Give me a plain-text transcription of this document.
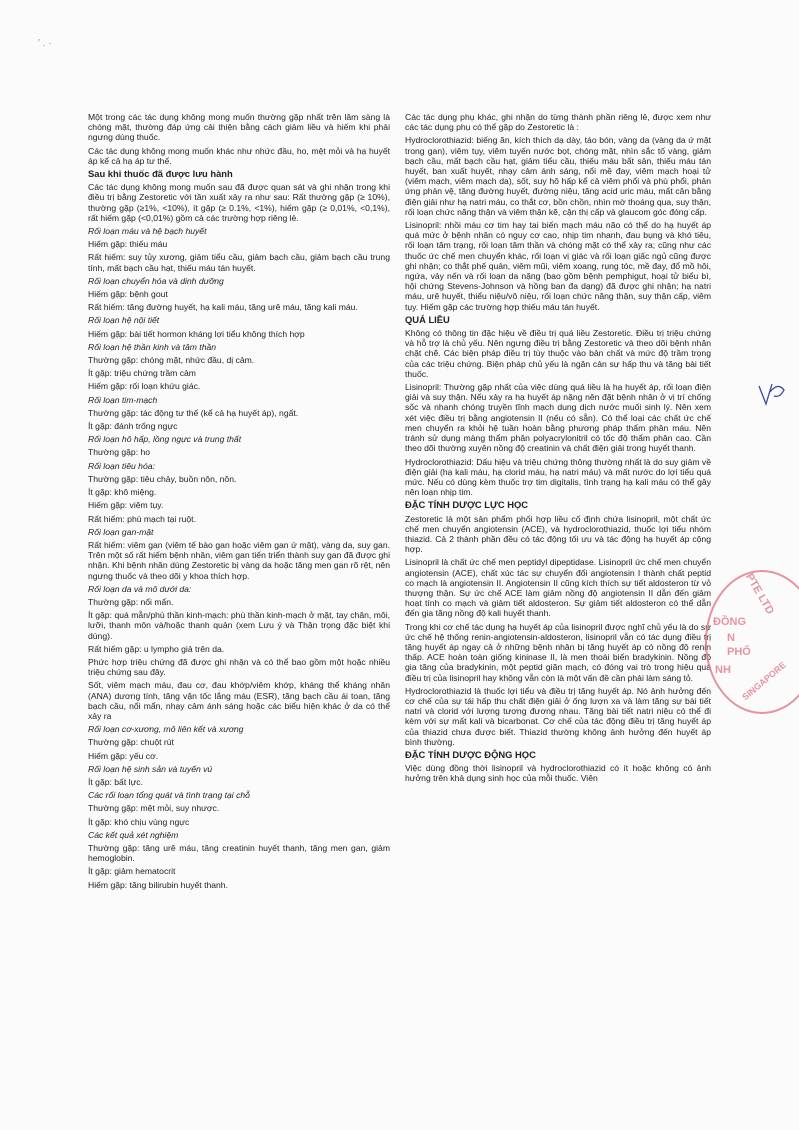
′ . ·

Một trong các tác dụng không mong muốn thường gặp nhất trên lâm sàng là chóng mặt, thường đáp ứng cải thiện bằng cách giảm liều và hiếm khi phải ngưng dùng thuốc.

Các tác dụng không mong muốn khác như nhức đầu, ho, mệt mỏi và hạ huyết áp kể cả hạ áp tư thế.

Sau khi thuốc đã được lưu hành

Các tác dụng không mong muốn sau đã được quan sát và ghi nhận trong khi điều trị bằng Zestoretic với tần xuất xảy ra như sau: Rất thường gặp (≥ 10%), thường gặp (≥1%, <10%), ít gặp (≥ 0.1%, <1%), hiếm gặp (≥ 0,01%, <0,1%), rất hiếm gặp (<0,01%) gồm cả các trường hợp riêng lẻ.

Rối loạn máu và hệ bạch huyết

Hiếm gặp: thiếu máu

Rất hiếm: suy tủy xương, giảm tiểu cầu, giảm bạch cầu, giảm bạch cầu trung tính, mất bạch cầu hạt, thiếu máu tán huyết.

Rối loạn chuyển hóa và dinh dưỡng

Hiếm gặp: bệnh gout

Rất hiếm: tăng đường huyết, hạ kali máu, tăng urê máu, tăng kali máu.

Rối loạn hệ nội tiết

Hiếm gặp: bài tiết hormon kháng lợi tiểu không thích hợp

Rối loạn hệ thần kinh và tâm thần

Thường gặp: chóng mặt, nhức đầu, dị cảm.

Ít gặp: triệu chứng trầm cảm

Hiếm gặp: rối loạn khứu giác.

Rối loạn tim-mạch

Thường gặp: tác động tư thế (kể cả hạ huyết áp), ngất.

Ít gặp: đánh trống ngực

Rối loạn hô hấp, lồng ngực và trung thất

Thường gặp: ho

Rối loạn tiêu hóa:

Thường gặp: tiêu chảy, buồn nôn, nôn.

Ít gặp: khô miệng.

Hiếm gặp: viêm tụy.

Rất hiếm: phù mạch tại ruột.

Rối loạn gan-mật

Rất hiếm: viêm gan (viêm tế bào gan hoặc viêm gan ứ mật), vàng da, suy gan. Trên một số rất hiếm bệnh nhân, viêm gan tiến triển thành suy gan đã được ghi nhận. Khi bệnh nhân dùng Zestoretic bị vàng da hoặc tăng men gan rõ rệt, nên ngưng thuốc và theo dõi y khoa thích hợp.

Rối loạn da và mô dưới da:

Thường gặp: nổi mẩn.

Ít gặp: quá mẫn/phù thần kinh-mạch: phù thần kinh-mạch ở mặt, tay chân, môi, lưỡi, thanh môn và/hoặc thanh quản (xem Lưu ý và Thận trọng đặc biệt khi dùng).

Rất hiếm gặp: u lympho giả trên da.

Phức hợp triệu chứng đã được ghi nhận và có thể bao gồm một hoặc nhiều triệu chứng sau đây.

Sốt, viêm mạch máu, đau cơ, đau khớp/viêm khớp, kháng thể kháng nhân (ANA) dương tính, tăng vận tốc lắng máu (ESR), tăng bạch cầu ái toan, tăng bạch cầu, nổi mẩn, nhạy cảm ánh sáng hoặc các biểu hiện khác ở da có thể xảy ra

Rối loạn cơ-xương, mô liên kết và xương

Thường gặp: chuột rút

Hiếm gặp: yếu cơ.

Rối loạn hệ sinh sản và tuyến vú

Ít gặp: bất lực.

Các rối loạn tổng quát và tình trạng tại chỗ

Thường gặp: mệt mỏi, suy nhược.

Ít gặp: khó chịu vùng ngực

Các kết quả xét nghiệm

Thường gặp: tăng urê máu, tăng creatinin huyết thanh, tăng men gan, giảm hemoglobin.

Ít gặp: giảm hematocrit

Hiếm gặp: tăng bilirubin huyết thanh.

Các tác dụng phụ khác, ghi nhận do từng thành phần riêng lẻ, được xem như các tác dụng phụ có thể gặp do Zestoretic là :

Hydroclorothiazid: biếng ăn, kích thích dạ dày, táo bón, vàng da (vàng da ứ mật trong gan), viêm tụy, viêm tuyến nước bọt, chóng mặt, nhìn sắc tố vàng, giảm bạch cầu, mất bạch cầu hạt, giảm tiểu cầu, thiếu máu bất sản, thiếu máu tán huyết, ban xuất huyết, nhạy cảm ánh sáng, nổi mề đay, viêm mạch hoại tử (viêm mạch, viêm mạch da), sốt, suy hô hấp kể cả viêm phổi và phù phổi, phản ứng phản vệ, tăng đường huyết, đường niệu, tăng acid uric máu, mất cân bằng điện giải như hạ natri máu, co thắt cơ, bồn chồn, nhìn mờ thoáng qua, suy thận, rối loạn chức năng thận và viêm thận kẽ, cận thị cấp và glaucom góc đóng cấp.

Lisinopril: nhồi máu cơ tim hay tai biến mạch máu não có thể do hạ huyết áp quá mức ở bệnh nhân có nguy cơ cao, nhịp tim nhanh, đau bụng và khó tiêu, rối loạn tâm trạng, rối loạn tâm thần và chóng mặt có thể xảy ra; cũng như các thuốc ức chế men chuyển khác, rối loạn vị giác và rối loạn giấc ngủ cũng được ghi nhận; co thắt phế quản, viêm mũi, viêm xoang, rụng tóc, mề đay, đổ mồ hôi, ngứa, vảy nến và rối loạn da nặng (bao gồm bệnh pemphigut, hoại tử biểu bì, hội chứng Stevens-Johnson và hồng ban đa dạng) đã được ghi nhận; hạ natri máu, urê huyết, thiểu niệu/vô niệu, rối loạn chức năng thận, suy thận cấp, viêm tụy. Hiếm gặp các trường hợp thiếu máu tán huyết.

QUÁ LIỀU

Không có thông tin đặc hiệu về điều trị quá liều Zestoretic. Điều trị triệu chứng và hỗ trợ là chủ yếu. Nên ngưng điều trị bằng Zestoretic và theo dõi bệnh nhân chặt chẽ. Các biện pháp điều trị tùy thuộc vào bản chất và mức độ trầm trọng của các triệu chứng. Biện pháp chủ yếu là ngăn cản sự hấp thu và tăng bài tiết thuốc.

Lisinopril: Thường gặp nhất của việc dùng quá liều là hạ huyết áp, rối loạn điện giải và suy thận. Nếu xảy ra hạ huyết áp nặng nên đặt bệnh nhân ở vị trí chống sốc và nhanh chóng truyền tĩnh mạch dung dịch nước muối sinh lý. Nên xem xét việc điều trị bằng angiotensin II (nếu có sẵn). Có thể loại các chất ức chế men chuyển ra khỏi hệ tuần hoàn bằng phương pháp thẩm phân máu. Nên tránh sử dụng màng thẩm phân polyacrylonitril có tốc độ thẩm phân cao. Cần theo dõi thường xuyên nồng độ creatinin và chất điện giải trong huyết thanh.

Hydroclorothiazid: Dấu hiệu và triệu chứng thông thường nhất là do suy giảm về điện giải (hạ kali máu, hạ clorid máu, hạ natri máu) và mất nước do lợi tiểu quá mức. Nếu có dùng kèm thuốc trợ tim digitalis, tình trạng hạ kali máu có thể gây nên loạn nhịp tim.

ĐẶC TÍNH DƯỢC LỰC HỌC

Zestoretic là một sản phẩm phối hợp liều cố định chứa lisinopril, một chất ức chế men chuyển angiotensin (ACE), và hydroclorothiazid, thuốc lợi tiểu nhóm thiazid. Cả 2 thành phần đều có tác động tối ưu và tác động hạ huyết áp cộng hợp.

Lisinopril là chất ức chế men peptidyl dipeptidase. Lisinopril ức chế men chuyển angiotensin (ACE), chất xúc tác sự chuyển đổi angiotensin I thành chất peptid co mạch là angiotensin II. Angiotensin II cũng kích thích sự tiết aldosteron từ vỏ thượng thận. Sự ức chế ACE làm giảm nồng độ angiotensin II dẫn đến giảm hoạt tính co mạch và giảm tiết aldosteron. Sự giảm tiết aldosteron có thể dẫn đến gia tăng nồng độ kali huyết thanh.

Trong khi cơ chế tác dụng hạ huyết áp của lisinopril được nghĩ chủ yếu là do sự ức chế hệ thống renin-angiotensin-aldosteron, lisinopril vẫn có tác dụng điều trị tăng huyết áp ngay cả ở những bệnh nhân bị tăng huyết áp có nồng độ renin thấp. ACE hoàn toàn giống kininase II, là men thoái biến bradykinin. Nồng độ gia tăng của bradykinin, một peptid giãn mạch, có đóng vai trò trong hiệu quả điều trị của lisinopril hay không vẫn còn là một vấn đề cần phải làm sáng tỏ.

Hydroclorothiazid là thuốc lợi tiểu và điều trị tăng huyết áp. Nó ảnh hưởng đến cơ chế của sự tái hấp thu chất điện giải ở ống lượn xa và làm tăng sự bài tiết natri và clorid với lượng tương đương nhau. Tăng bài tiết natri niệu có thể đi kèm với sự mất kali và bicarbonat. Cơ chế của tác động điều trị tăng huyết áp của thiazid chưa được biết. Thiazid thường không ảnh hưởng đến huyết áp bình thường.

ĐẶC TÍNH DƯỢC ĐỘNG HỌC

Việc dùng đồng thời lisinopril và hydroclorothiazid có ít hoặc không có ảnh hưởng trên khả dụng sinh học của mỗi thuốc. Viên

PTE LTD
ĐỒNG
N
PHỐ
NH SINGAPORE
